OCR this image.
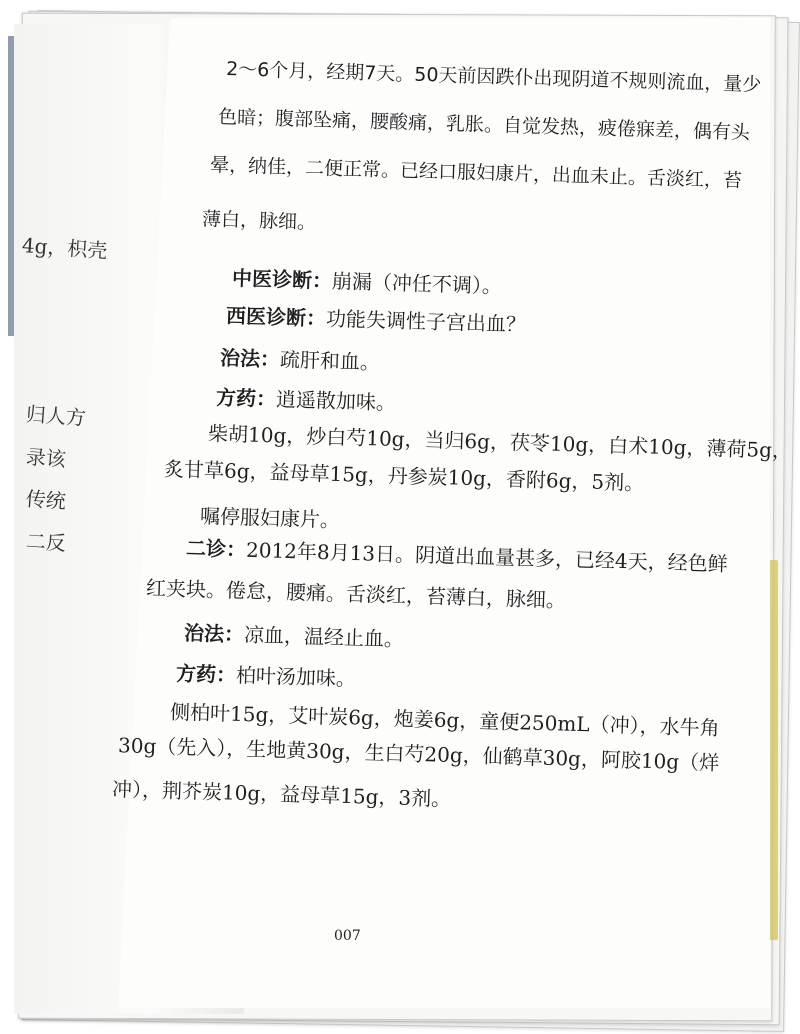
4g，枳壳
归人方
录该
传统
二反
2～6个月，经期7天。50天前因跌仆出现阴道不规则流血，量少
色暗；腹部坠痛，腰酸痛，乳胀。自觉发热，疲倦寐差，偶有头
晕，纳佳，二便正常。已经口服妇康片，出血未止。舌淡红，苔
薄白，脉细。
中医诊断：崩漏（冲任不调）。
西医诊断：功能失调性子宫出血？
治法：疏肝和血。
方药：逍遥散加味。
柴胡10g，炒白芍10g，当归6g，茯苓10g，白术10g，薄荷5g，
炙甘草6g，益母草15g，丹参炭10g，香附6g，5剂。
嘱停服妇康片。
二诊：2012年8月13日。阴道出血量甚多，已经4天，经色鲜
红夹块。倦怠，腰痛。舌淡红，苔薄白，脉细。
治法：凉血，温经止血。
方药：柏叶汤加味。
侧柏叶15g，艾叶炭6g，炮姜6g，童便250mL（冲），水牛角
30g（先入），生地黄30g，生白芍20g，仙鹤草30g，阿胶10g（烊
冲），荆芥炭10g，益母草15g，3剂。
007
